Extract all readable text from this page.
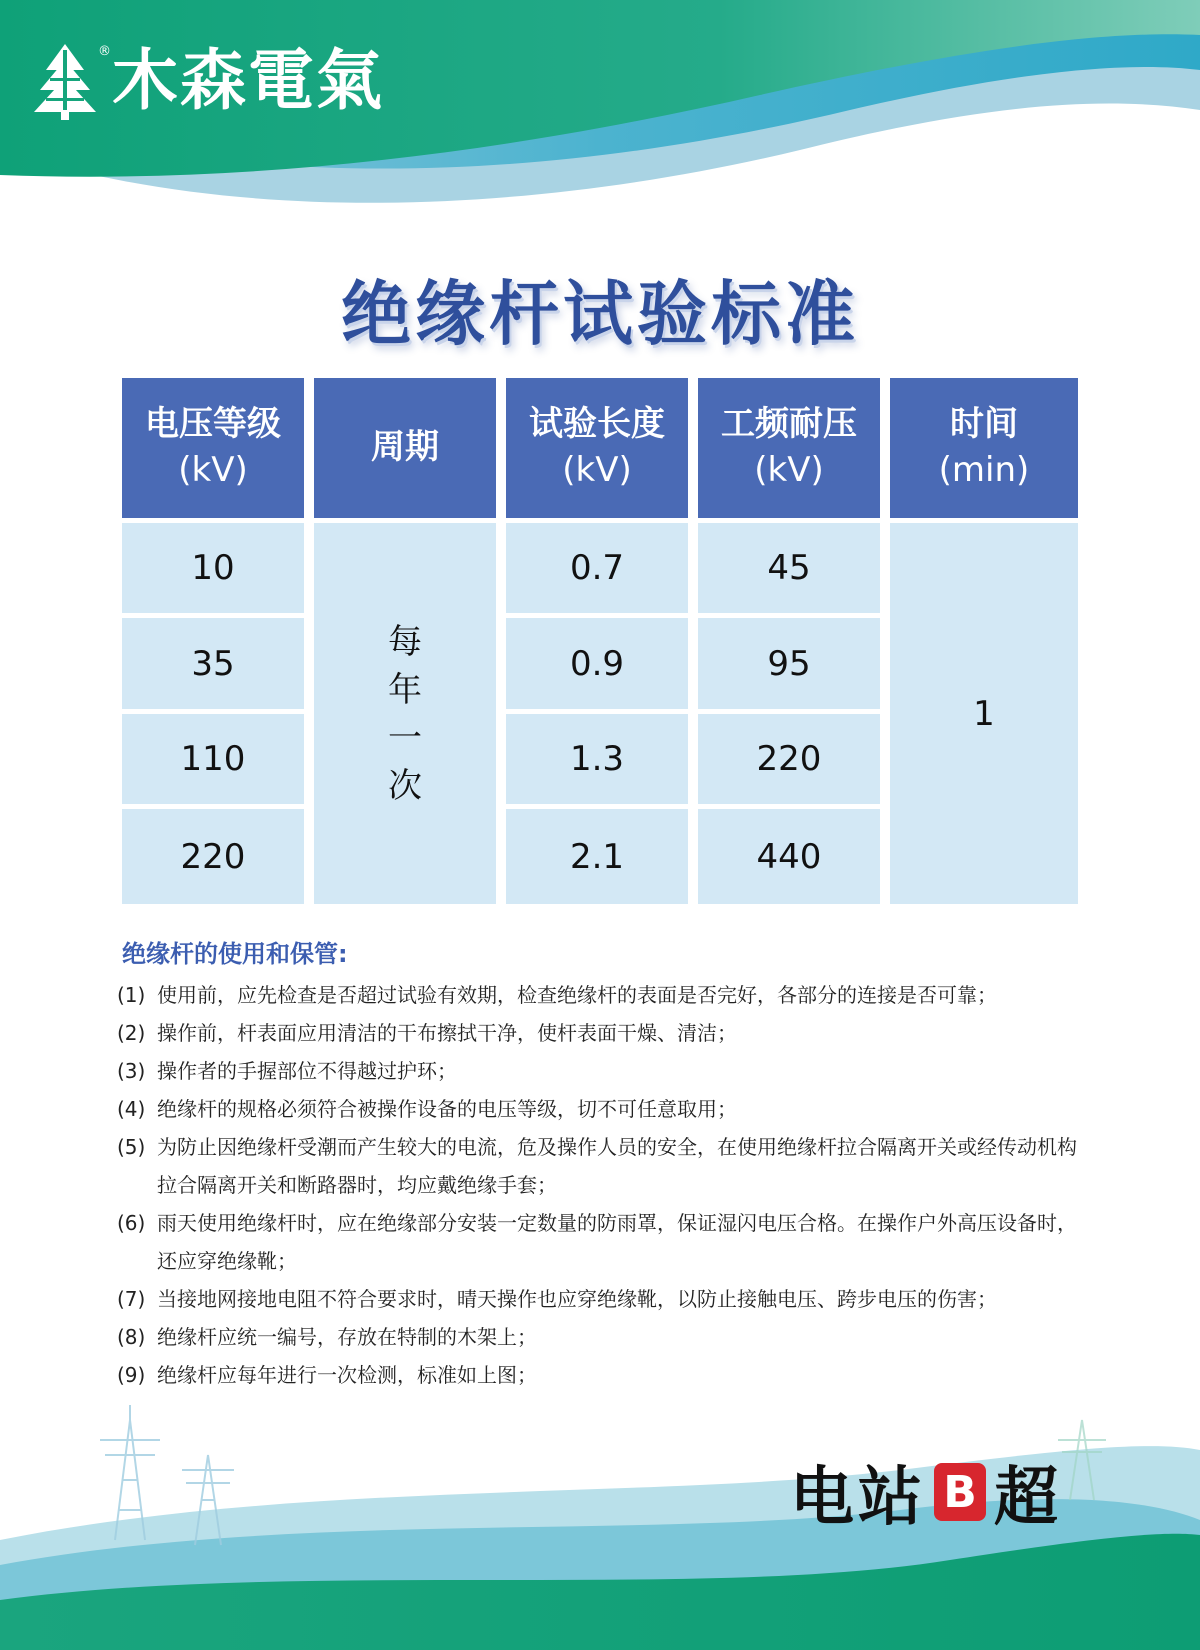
木森電氣
®
绝缘杆试验标准
电压等级
(kV)
周期
试验长度
(kV)
工频耐压
(kV)
时间
(min)
10
35
110
220
每
年
一
次
0.7
0.9
1.3
2.1
45
95
220
440
1
绝缘杆的使用和保管:
(1) 使用前，应先检查是否超过试验有效期，检查绝缘杆的表面是否完好，各部分的连接是否可靠；
(2) 操作前，杆表面应用清洁的干布擦拭干净，使杆表面干燥、清洁；
(3) 操作者的手握部位不得越过护环；
(4) 绝缘杆的规格必须符合被操作设备的电压等级，切不可任意取用；
(5) 为防止因绝缘杆受潮而产生较大的电流，危及操作人员的安全，在使用绝缘杆拉合隔离开关或经传动机构拉合隔离开关和断路器时，均应戴绝缘手套；
(6) 雨天使用绝缘杆时，应在绝缘部分安装一定数量的防雨罩，保证湿闪电压合格。在操作户外高压设备时，还应穿绝缘靴；
(7) 当接地网接地电阻不符合要求时，晴天操作也应穿绝缘靴，以防止接触电压、跨步电压的伤害；
(8) 绝缘杆应统一编号，存放在特制的木架上；
(9) 绝缘杆应每年进行一次检测，标准如上图；
电站 B 超
